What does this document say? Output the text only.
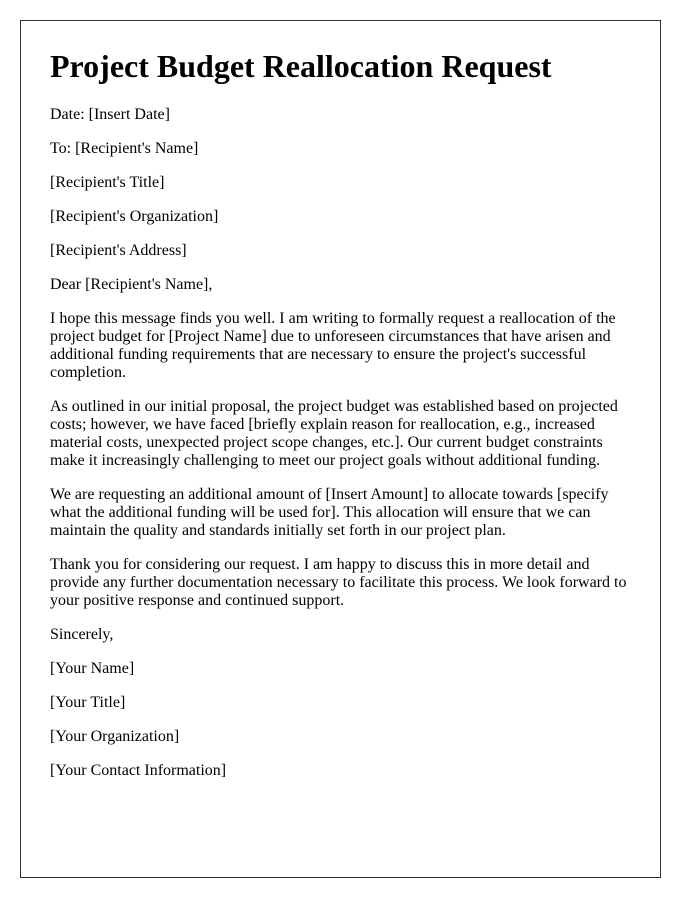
Project Budget Reallocation Request

Date: [Insert Date]

To: [Recipient's Name]

[Recipient's Title]

[Recipient's Organization]

[Recipient's Address]

Dear [Recipient's Name],

I hope this message finds you well. I am writing to formally request a reallocation of the project budget for [Project Name] due to unforeseen circumstances that have arisen and additional funding requirements that are necessary to ensure the project's successful completion.

As outlined in our initial proposal, the project budget was established based on projected costs; however, we have faced [briefly explain reason for reallocation, e.g., increased material costs, unexpected project scope changes, etc.]. Our current budget constraints make it increasingly challenging to meet our project goals without additional funding.

We are requesting an additional amount of [Insert Amount] to allocate towards [specify what the additional funding will be used for]. This allocation will ensure that we can maintain the quality and standards initially set forth in our project plan.

Thank you for considering our request. I am happy to discuss this in more detail and provide any further documentation necessary to facilitate this process. We look forward to your positive response and continued support.

Sincerely,

[Your Name]

[Your Title]

[Your Organization]

[Your Contact Information]
